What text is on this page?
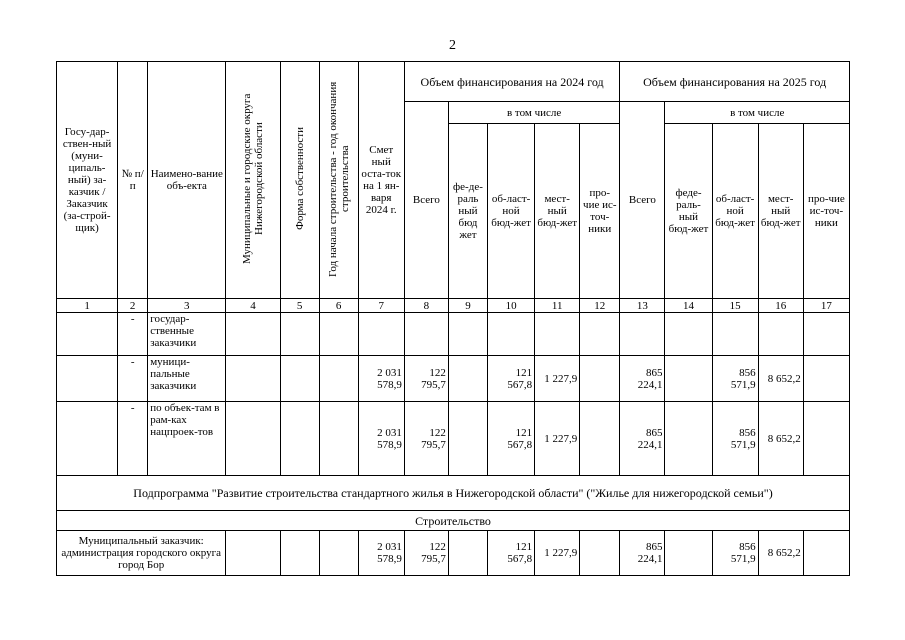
2
Госу-дар-ствен-ный (муни-ципаль-ный) за-казчик / Заказчик (за-строй-щик)	№ п/п	Наимено-вание объ-екта	Муниципальные и городские округа Нижегородской области	Форма собственности	Год начала строительства - год окончания строительства	Смет ный оста-ток на 1 ян-варя 2024 г.	Объем финансирования на 2024 год					Объем финансирования на 2025 год				
							Всего	в том числе				Всего	в том числе			
								фе-де-раль ный бюд жет	об-ласт-ной бюд-жет	мест-ный бюд-жет	про-чие ис-точ-ники		феде-раль-ный бюд-жет	об-ласт-ной бюд-жет	мест-ный бюд-жет	про-чие ис-точ-ники
1	2	3	4	5	6	7	8	9	10	11	12	13	14	15	16	17
	-	государ-ственные заказчики														
	-	муници-пальные заказчики				2 031 578,9	122 795,7		121 567,8	1 227,9		865 224,1		856 571,9	8 652,2	
	-	по объек-там в рам-ках нацпроек-тов				2 031 578,9	122 795,7		121 567,8	1 227,9		865 224,1		856 571,9	8 652,2	
Подпрограмма "Развитие строительства стандартного жилья в Нижегородской области" ("Жилье для нижегородской семьи")																
Строительство																
Муниципальный заказчик: администрация городского округа город Бор						2 031 578,9	122 795,7		121 567,8	1 227,9		865 224,1		856 571,9	8 652,2	
